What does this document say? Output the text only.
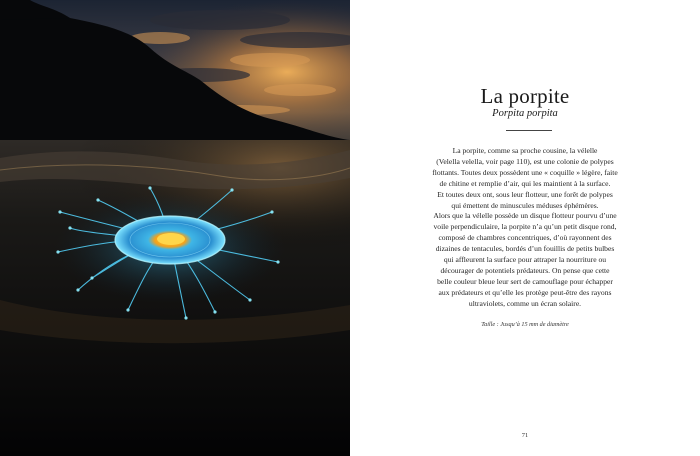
La porpite
Porpita porpita

La porpite, comme sa proche cousine, la vélelle
(Velella velella, voir page 110), est une colonie de polypes
flottants. Toutes deux possèdent une « coquille » légère, faite
de chitine et remplie d’air, qui les maintient à la surface.
Et toutes deux ont, sous leur flotteur, une forêt de polypes
qui émettent de minuscules méduses éphémères.
Alors que la vélelle possède un disque flotteur pourvu d’une
voile perpendiculaire, la porpite n’a qu’un petit disque rond,
composé de chambres concentriques, d’où rayonnent des
dizaines de tentacules, bordés d’un fouillis de petits bulbes
qui affleurent la surface pour attraper la nourriture ou
décourager de potentiels prédateurs. On pense que cette
belle couleur bleue leur sert de camouflage pour échapper
aux prédateurs et qu’elle les protège peut-être des rayons
ultraviolets, comme un écran solaire.

Taille : Jusqu’à 15 mm de diamètre
71
